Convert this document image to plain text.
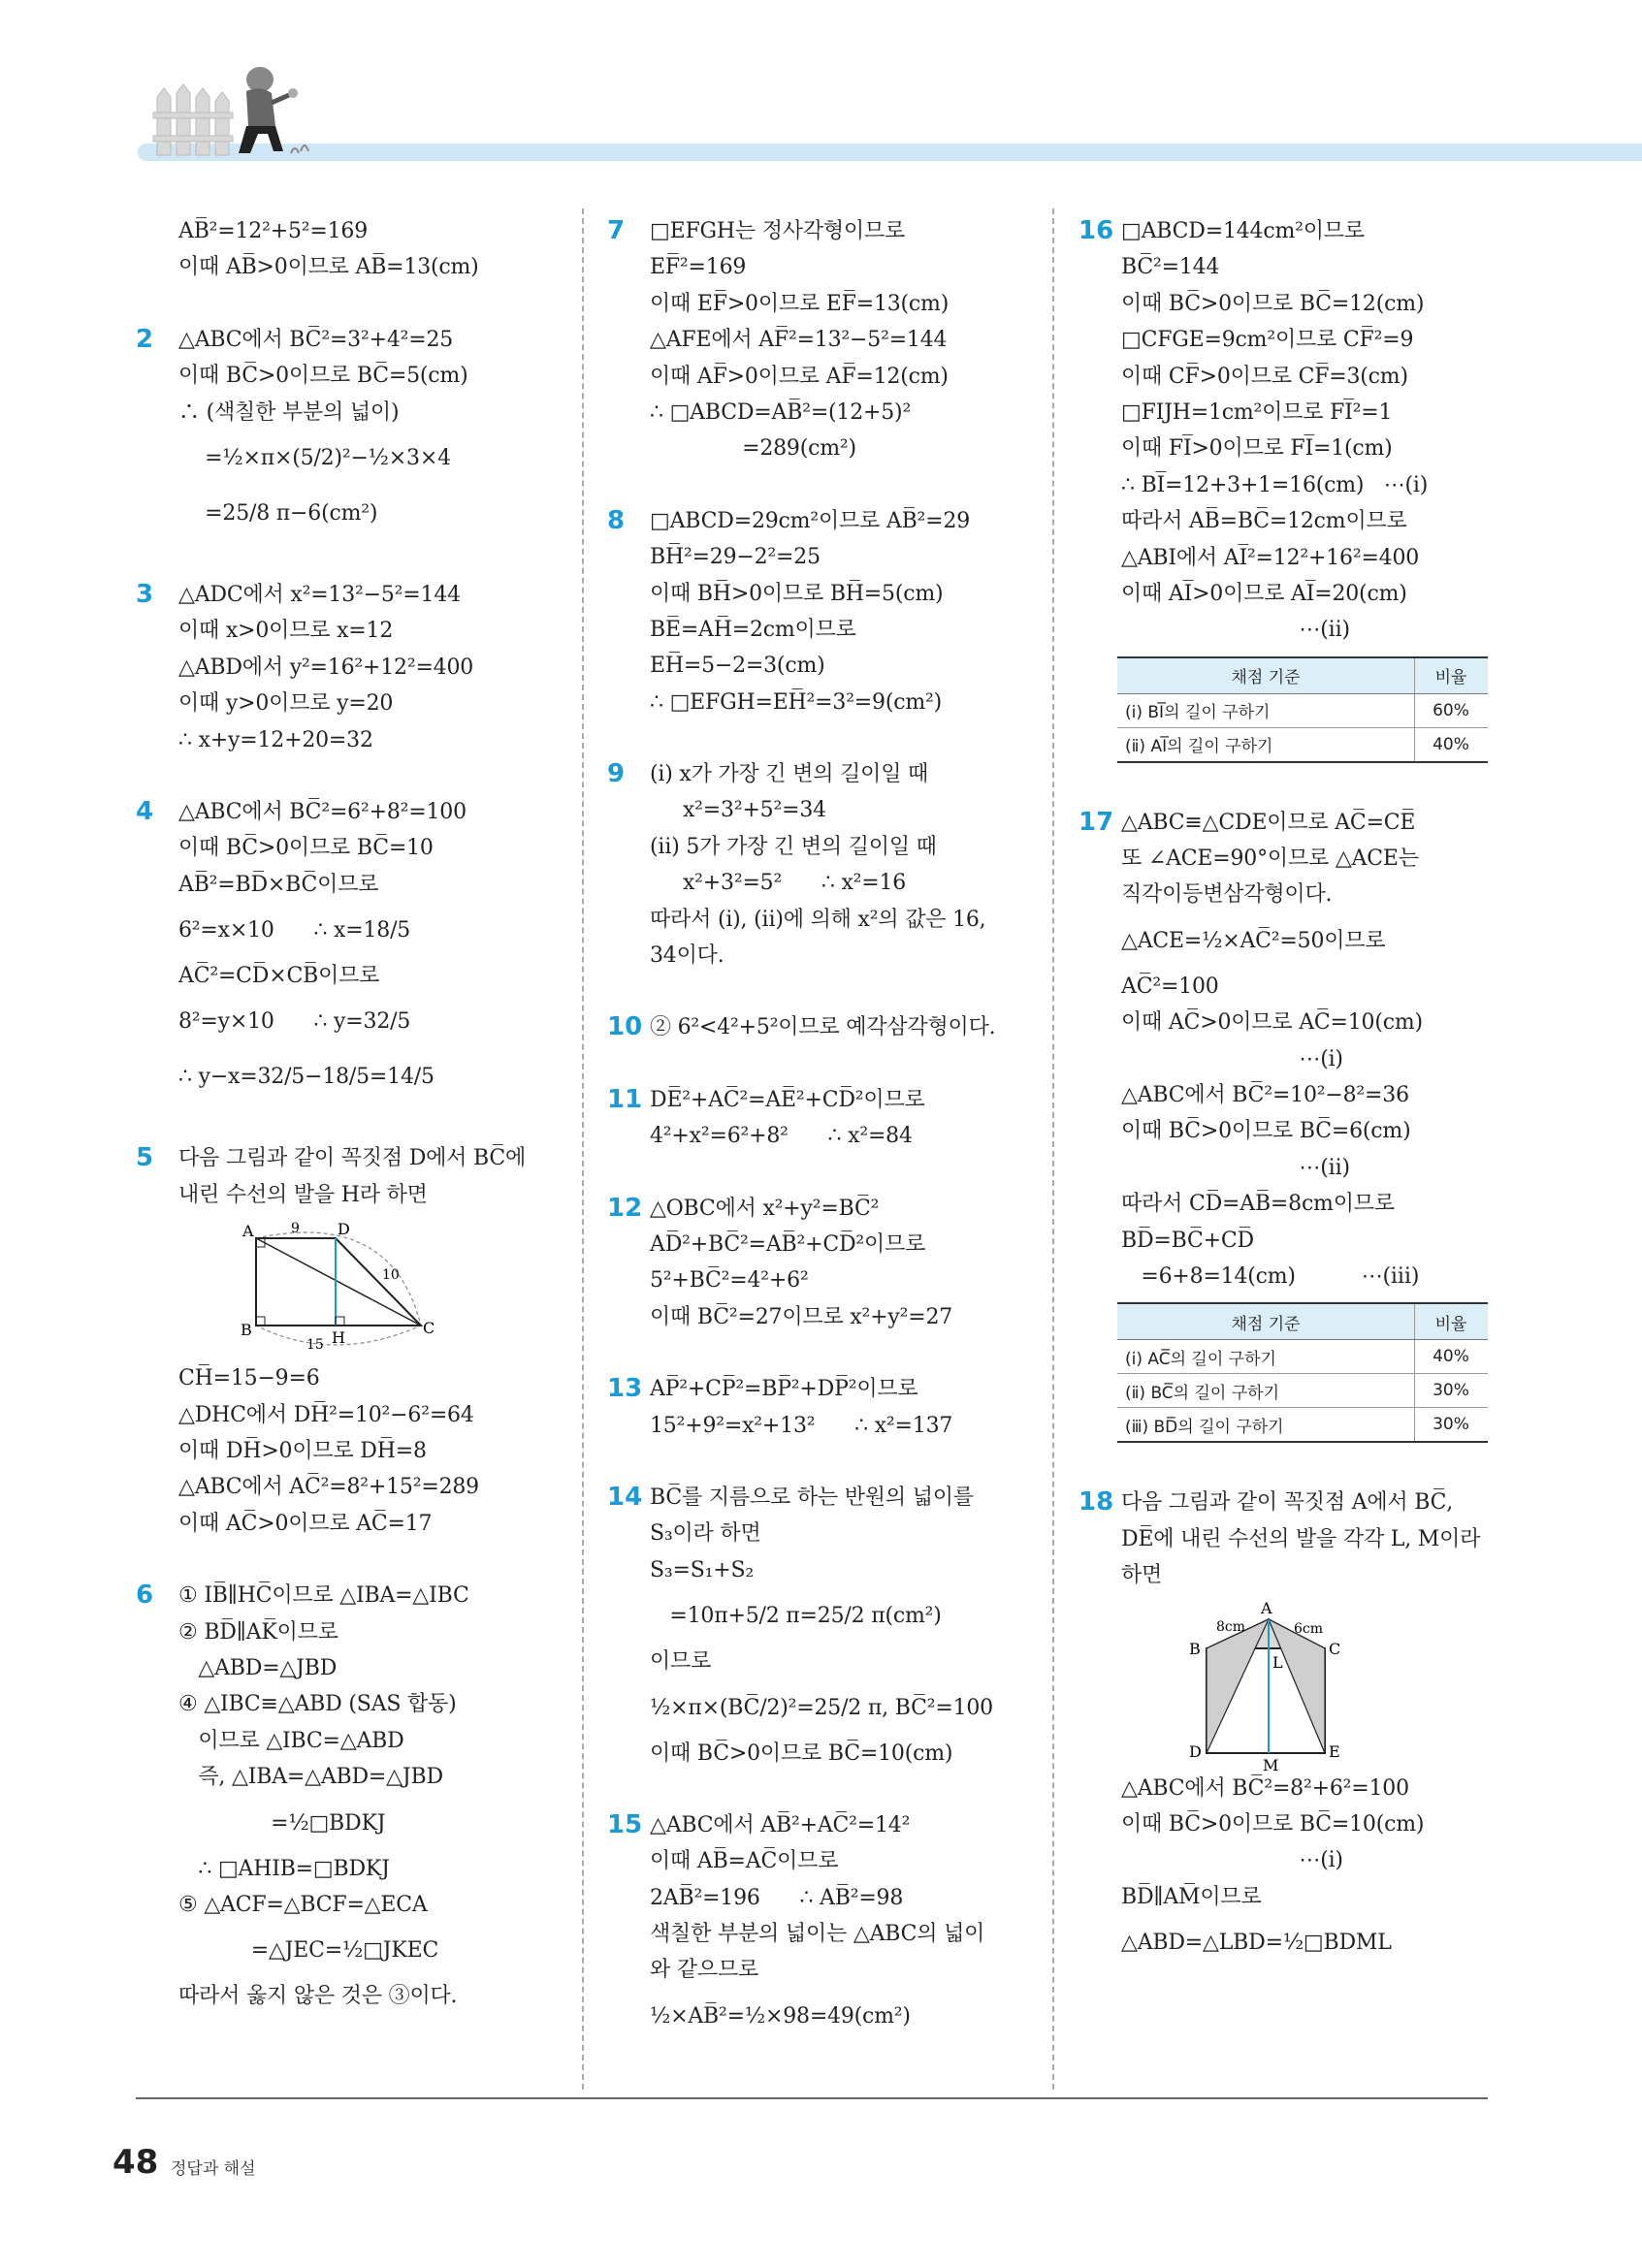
AB̅²=12²+5²=169
이때 AB̅>0이므로 AB̅=13(cm)
2 △ABC에서 BC̅²=3²+4²=25
이때 BC̅>0이므로 BC̅=5(cm)
∴ (색칠한 부분의 넓이)
=½×π×(5/2)²−½×3×4
=25/8 π−6(cm²)
3 △ADC에서 x²=13²−5²=144
이때 x>0이므로 x=12
△ABD에서 y²=16²+12²=400
이때 y>0이므로 y=20
∴ x+y=12+20=32
4 △ABC에서 BC̅²=6²+8²=100
이때 BC̅>0이므로 BC̅=10
AB̅²=BD̅×BC̅이므로
6²=x×10      ∴ x=18/5
AC̅²=CD̅×CB̅이므로
8²=y×10      ∴ y=32/5
∴ y−x=32/5−18/5=14/5
5 다음 그림과 같이 꼭짓점 D에서 BC̅에
내린 수선의 발을 H라 하면
A	D
B	H
C
9
10
15
CH̅=15−9=6
△DHC에서 DH̅²=10²−6²=64
이때 DH̅>0이므로 DH̅=8
△ABC에서 AC̅²=8²+15²=289
이때 AC̅>0이므로 AC̅=17
6 ① IB̅∥HC̅이므로 △IBA=△IBC
② BD̅∥AK̅이므로
△ABD=△JBD
④ △IBC≡△ABD (SAS 합동)
이므로 △IBC=△ABD
즉, △IBA=△ABD=△JBD
=½□BDKJ
∴ □AHIB=□BDKJ
⑤ △ACF=△BCF=△ECA
=△JEC=½□JKEC
따라서 옳지 않은 것은 ③이다.
7 □EFGH는 정사각형이므로
EF̅²=169
이때 EF̅>0이므로 EF̅=13(cm)
△AFE에서 AF̅²=13²−5²=144
이때 AF̅>0이므로 AF̅=12(cm)
∴ □ABCD=AB̅²=(12+5)²
=289(cm²)
8 □ABCD=29cm²이므로 AB̅²=29
BH̅²=29−2²=25
이때 BH̅>0이므로 BH̅=5(cm)
BE̅=AH̅=2cm이므로
EH̅=5−2=3(cm)
∴ □EFGH=EH̅²=3²=9(cm²)
9 (ⅰ) x가 가장 긴 변의 길이일 때
x²=3²+5²=34
(ⅱ) 5가 가장 긴 변의 길이일 때
x²+3²=5²      ∴ x²=16
따라서 (ⅰ), (ⅱ)에 의해 x²의 값은 16,
34이다.
10 ② 6²<4²+5²이므로 예각삼각형이다.
11 DE̅²+AC̅²=AE̅²+CD̅²이므로
4²+x²=6²+8²      ∴ x²=84
12 △OBC에서 x²+y²=BC̅²
AD̅²+BC̅²=AB̅²+CD̅²이므로
5²+BC̅²=4²+6²
이때 BC̅²=27이므로 x²+y²=27
13 AP̅²+CP̅²=BP̅²+DP̅²이므로
15²+9²=x²+13²      ∴ x²=137
14 BC̅를 지름으로 하는 반원의 넓이를
S₃이라 하면
S₃=S₁+S₂
=10π+5/2 π=25/2 π(cm²)
이므로
½×π×(BC̅/2)²=25/2 π, BC̅²=100
이때 BC̅>0이므로 BC̅=10(cm)
15 △ABC에서 AB̅²+AC̅²=14²
이때 AB̅=AC̅이므로
2AB̅²=196      ∴ AB̅²=98
색칠한 부분의 넓이는 △ABC의 넓이
와 같으므로
½×AB̅²=½×98=49(cm²)
16 □ABCD=144cm²이므로
BC̅²=144
이때 BC̅>0이므로 BC̅=12(cm)
□CFGE=9cm²이므로 CF̅²=9
이때 CF̅>0이므로 CF̅=3(cm)
□FIJH=1cm²이므로 FI̅²=1
이때 FI̅>0이므로 FI̅=1(cm)
∴ BI̅=12+3+1=16(cm)   ⋯(ⅰ)
따라서 AB̅=BC̅=12cm이므로
△ABI에서 AI̅²=12²+16²=400
이때 AI̅>0이므로 AI̅=20(cm)
⋯(ⅱ)
채점 기준	비율
(ⅰ) BI̅의 길이 구하기	60%
(ⅱ) AI̅의 길이 구하기	40%
17 △ABC≡△CDE이므로 AC̅=CE̅
또 ∠ACE=90°이므로 △ACE는
직각이등변삼각형이다.
△ACE=½×AC̅²=50이므로
AC̅²=100
이때 AC̅>0이므로 AC̅=10(cm)
⋯(ⅰ)
△ABC에서 BC̅²=10²−8²=36
이때 BC̅>0이므로 BC̅=6(cm)
⋯(ⅱ)
따라서 CD̅=AB̅=8cm이므로
BD̅=BC̅+CD̅
=6+8=14(cm)          ⋯(ⅲ)
채점 기준	비율
(ⅰ) AC̅의 길이 구하기	40%
(ⅱ) BC̅의 길이 구하기	30%
(ⅲ) BD̅의 길이 구하기	30%
18 다음 그림과 같이 꼭짓점 A에서 BC̅,
DE̅에 내린 수선의 발을 각각 L, M이라
하면
A
8cm	6cm
B	C
L
D
M
E
△ABC에서 BC̅²=8²+6²=100
이때 BC̅>0이므로 BC̅=10(cm)
⋯(ⅰ)
BD̅∥AM̅이므로
△ABD=△LBD=½□BDML
48 정답과 해설
